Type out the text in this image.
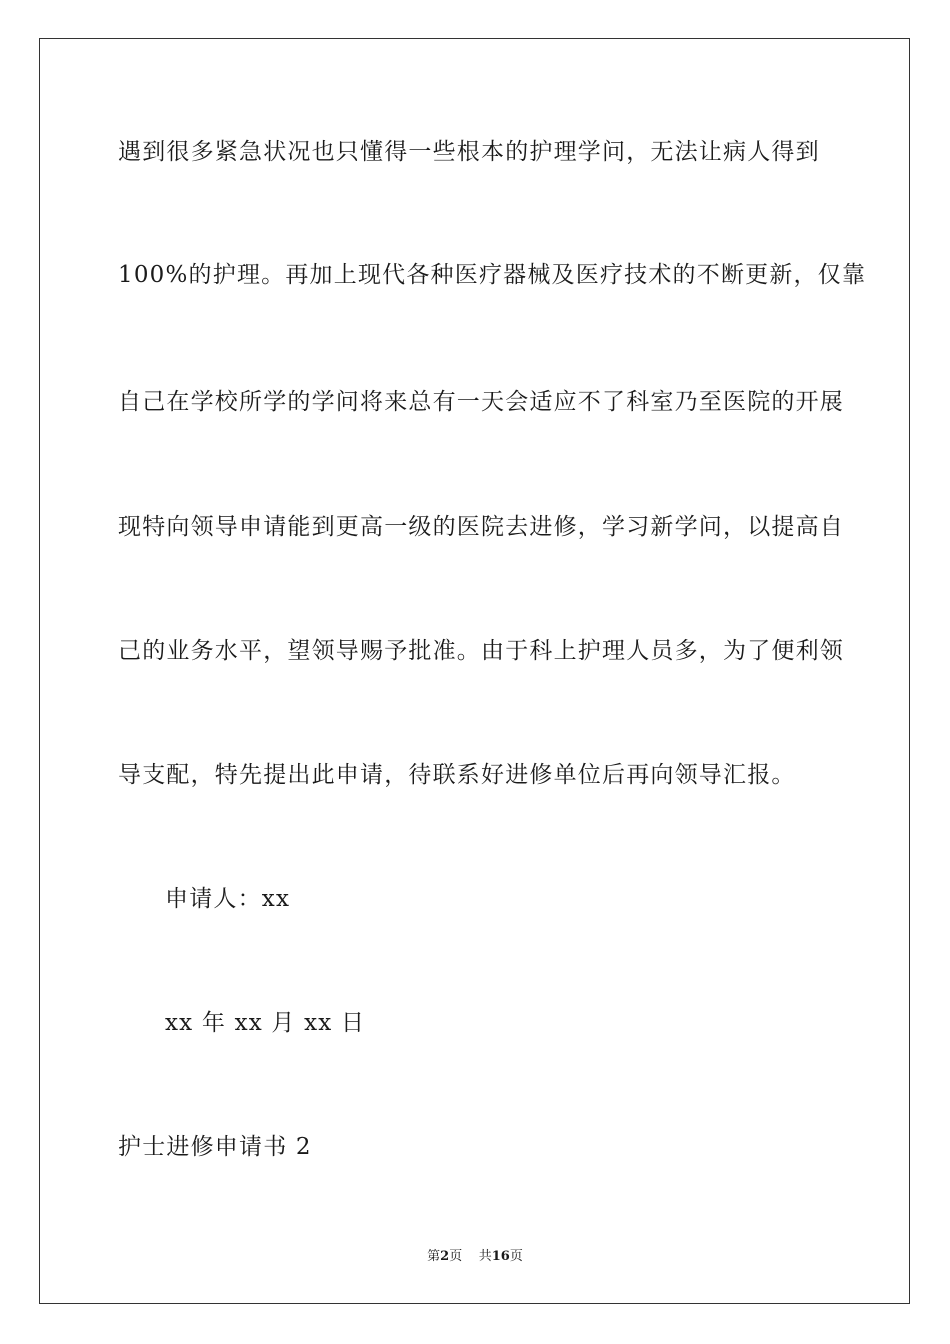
遇到很多紧急状况也只懂得一些根本的护理学问，无法让病人得到
100%的护理。再加上现代各种医疗器械及医疗技术的不断更新，仅靠
自己在学校所学的学问将来总有一天会适应不了科室乃至医院的开展
现特向领导申请能到更高一级的医院去进修，学习新学问，以提高自
己的业务水平，望领导赐予批准。由于科上护理人员多，为了便利领
导支配，特先提出此申请，待联系好进修单位后再向领导汇报。
申请人：xx
xx 年 xx 月 xx 日
护士进修申请书 2
第2页 共16页
